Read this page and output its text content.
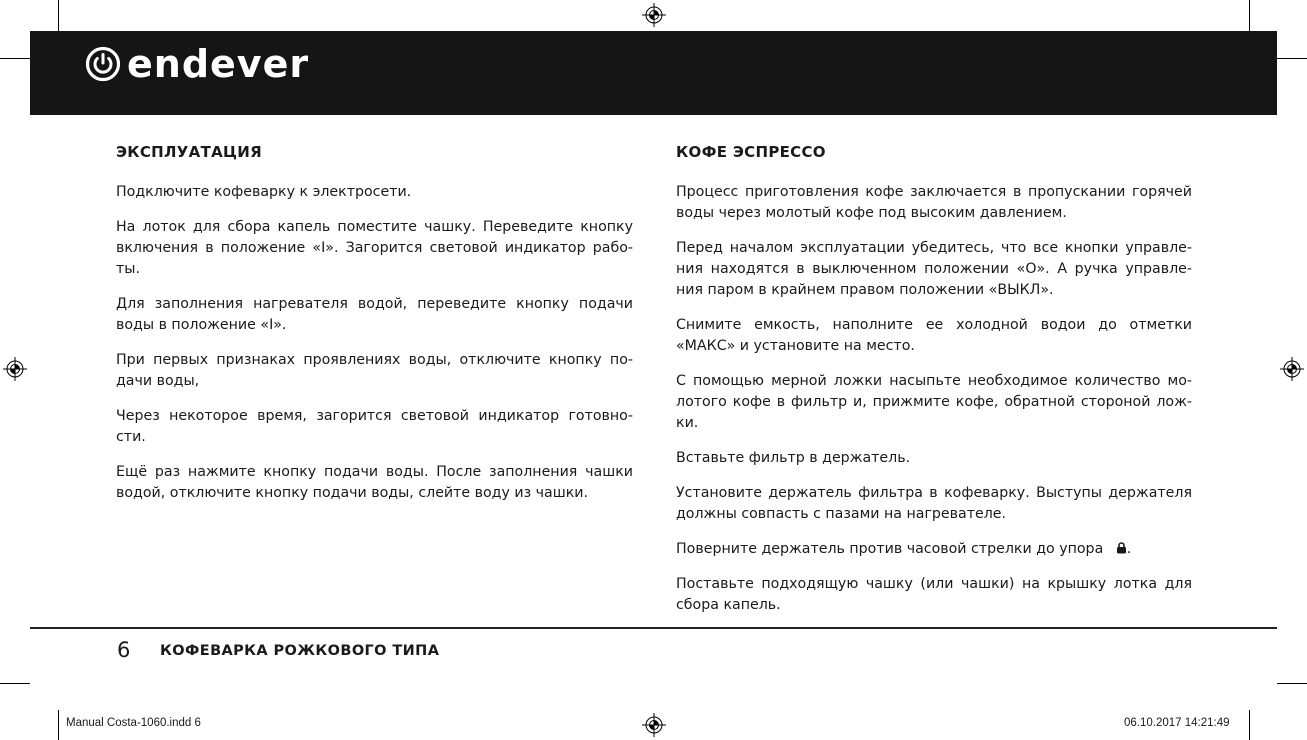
endever
ЭКСПЛУАТАЦИЯ

Подключите кофеварку к электросети.

На лоток для сбора капель поместите чашку. Переведите кнопку включения в положение «I». Загорится световой индикатор рабо-ты.

Для заполнения нагревателя водой, переведите кнопку подачи воды в положение «I».

При первых признаках проявлениях воды, отключите кнопку по-дачи воды,

Через некоторое время, загорится световой индикатор готовно-сти.

Ещё раз нажмите кнопку подачи воды. После заполнения чашки водой, отключите кнопку подачи воды, слейте воду из чашки.

КОФЕ ЭСПРЕССО

Процесс приготовления кофе заключается в пропускании горячей воды через молотый кофе под высоким давлением.

Перед началом эксплуатации убедитесь, что все кнопки управле-ния находятся в выключенном положении «О». А ручка управле-ния паром в крайнем правом положении «ВЫКЛ».

Снимите емкость, наполните ее холодной водои до отметки «МАКС» и установите на место.

С помощью мерной ложки насыпьте необходимое количество мо-лотого кофе в фильтр и, прижмите кофе, обратной стороной лож-ки.

Вставьте фильтр в держатель.

Установите держатель фильтра в кофеварку. Выступы держателя должны совпасть с пазами на нагревателе.

Поверните держатель против часовой стрелки до упора .

Поставьте подходящую чашку (или чашки) на крышку лотка для сбора капель.

6 КОФЕВАРКА РОЖКОВОГО ТИПА
Manual Costa-1060.indd 6	06.10.2017 14:21:49
